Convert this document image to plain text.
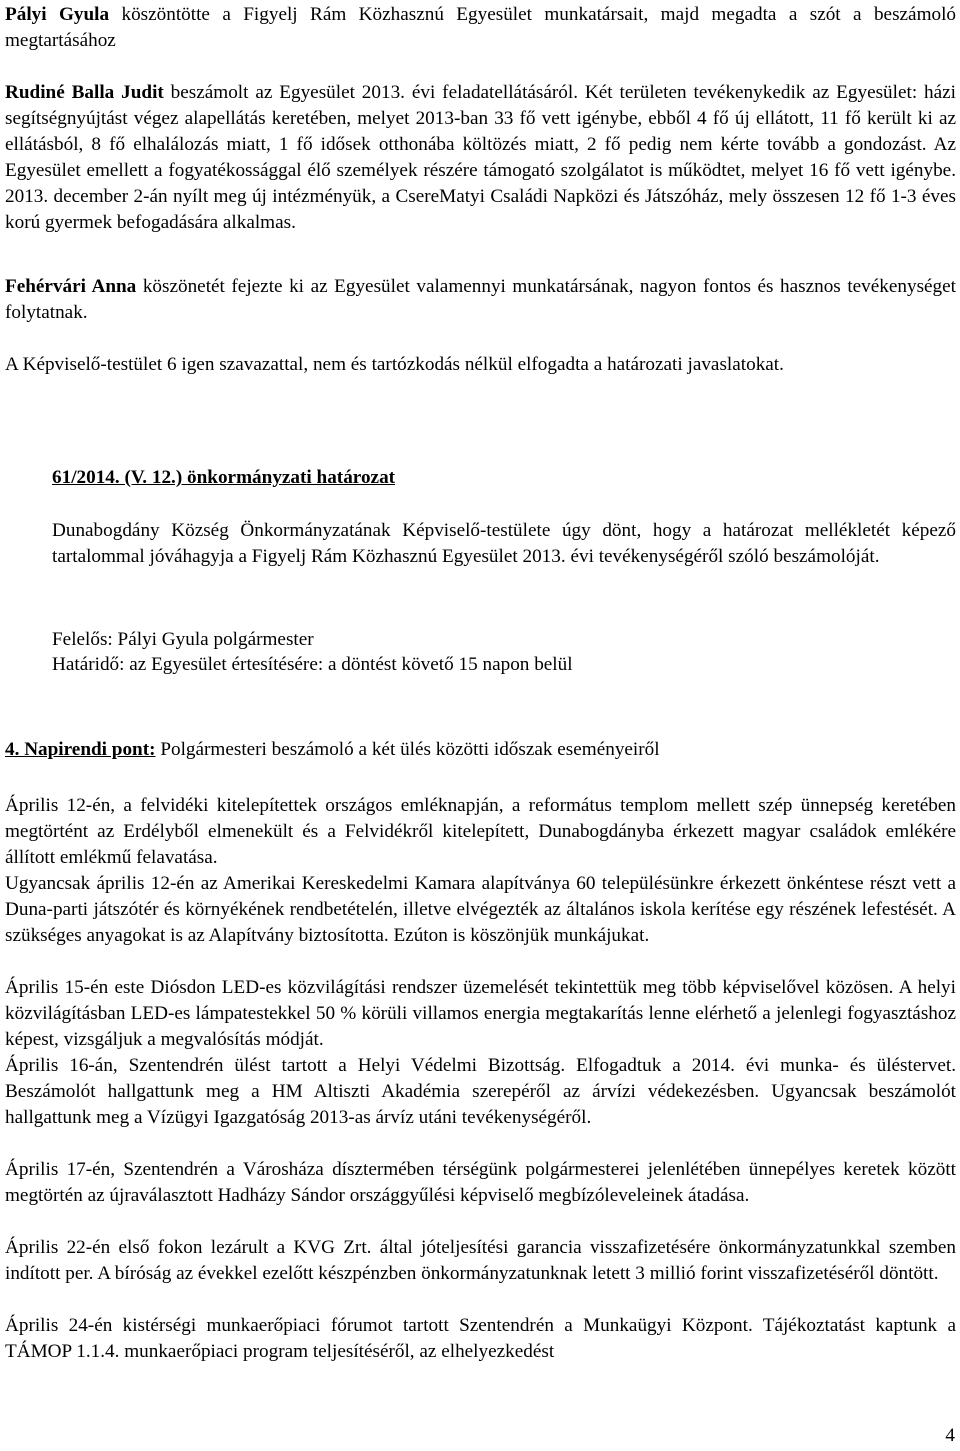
Pályi Gyula köszöntötte a Figyelj Rám Közhasznú Egyesület munkatársait, majd megadta a szót a beszámoló megtartásához

Rudiné Balla Judit beszámolt az Egyesület 2013. évi feladatellátásáról. Két területen tevékenykedik az Egyesület: házi segítségnyújtást végez alapellátás keretében, melyet 2013-ban 33 fő vett igénybe, ebből 4 fő új ellátott, 11 fő került ki az ellátásból, 8 fő elhalálozás miatt, 1 fő idősek otthonába költözés miatt, 2 fő pedig nem kérte tovább a gondozást. Az Egyesület emellett a fogyatékossággal élő személyek részére támogató szolgálatot is működtet, melyet 16 fő vett igénybe. 2013. december 2-án nyílt meg új intézményük, a CsereMatyi Családi Napközi és Játszóház, mely összesen 12 fő 1-3 éves korú gyermek befogadására alkalmas.

Fehérvári Anna köszönetét fejezte ki az Egyesület valamennyi munkatársának, nagyon fontos és hasznos tevékenységet folytatnak.

A Képviselő-testület 6 igen szavazattal, nem és tartózkodás nélkül elfogadta a határozati javaslatokat.

61/2014. (V. 12.) önkormányzati határozat

Dunabogdány Község Önkormányzatának Képviselő-testülete úgy dönt, hogy a határozat mellékletét képező tartalommal jóváhagyja a Figyelj Rám Közhasznú Egyesület 2013. évi tevékenységéről szóló beszámolóját.

Felelős: Pályi Gyula polgármester

Határidő: az Egyesület értesítésére: a döntést követő 15 napon belül

4. Napirendi pont: Polgármesteri beszámoló a két ülés közötti időszak eseményeiről

Április 12-én, a felvidéki kitelepítettek országos emléknapján, a református templom mellett szép ünnepség keretében megtörtént az Erdélyből elmenekült és a Felvidékről kitelepített, Dunabogdányba érkezett magyar családok emlékére állított emlékmű felavatása.

Ugyancsak április 12-én az Amerikai Kereskedelmi Kamara alapítványa 60 településünkre érkezett önkéntese részt vett a Duna-parti játszótér és környékének rendbetételén, illetve elvégezték az általános iskola kerítése egy részének lefestését. A szükséges anyagokat is az Alapítvány biztosította. Ezúton is köszönjük munkájukat.

Április 15-én este Diósdon LED-es közvilágítási rendszer üzemelését tekintettük meg több képviselővel közösen. A helyi közvilágításban LED-es lámpatestekkel 50 % körüli villamos energia megtakarítás lenne elérhető a jelenlegi fogyasztáshoz képest, vizsgáljuk a megvalósítás módját.

Április 16-án, Szentendrén ülést tartott a Helyi Védelmi Bizottság. Elfogadtuk a 2014. évi munka- és üléstervet. Beszámolót hallgattunk meg a HM Altiszti Akadémia szerepéről az árvízi védekezésben. Ugyancsak beszámolót hallgattunk meg a Vízügyi Igazgatóság 2013-as árvíz utáni tevékenységéről.

Április 17-én, Szentendrén a Városháza dísztermében térségünk polgármesterei jelenlétében ünnepélyes keretek között megtörtén az újraválasztott Hadházy Sándor országgyűlési képviselő megbízóleveleinek átadása.

Április 22-én első fokon lezárult a KVG Zrt. által jóteljesítési garancia visszafizetésére önkormányzatunkkal szemben indított per. A bíróság az évekkel ezelőtt készpénzben önkormányzatunknak letett 3 millió forint visszafizetéséről döntött.

Április 24-én kistérségi munkaerőpiaci fórumot tartott Szentendrén a Munkaügyi Központ. Tájékoztatást kaptunk a TÁMOP 1.1.4. munkaerőpiaci program teljesítéséről, az elhelyezkedést

4
